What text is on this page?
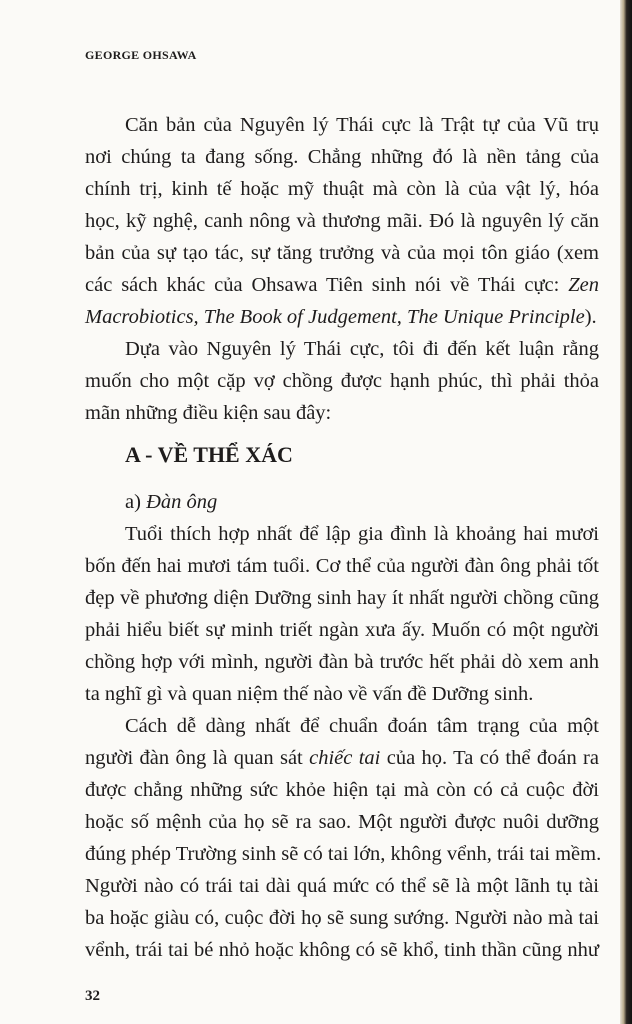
GEORGE OHSAWA
Căn bản của Nguyên lý Thái cực là Trật tự của Vũ trụ
nơi chúng ta đang sống. Chẳng những đó là nền tảng của
chính trị, kinh tế hoặc mỹ thuật mà còn là của vật lý, hóa
học, kỹ nghệ, canh nông và thương mãi. Đó là nguyên lý căn
bản của sự tạo tác, sự tăng trưởng và của mọi tôn giáo (xem
các sách khác của Ohsawa Tiên sinh nói về Thái cực: Zen
Macrobiotics, The Book of Judgement, The Unique Principle).
Dựa vào Nguyên lý Thái cực, tôi đi đến kết luận rằng
muốn cho một cặp vợ chồng được hạnh phúc, thì phải thỏa
mãn những điều kiện sau đây:
A - VỀ THỂ XÁC
a) Đàn ông
Tuổi thích hợp nhất để lập gia đình là khoảng hai mươi
bốn đến hai mươi tám tuổi. Cơ thể của người đàn ông phải tốt
đẹp về phương diện Dưỡng sinh hay ít nhất người chồng cũng
phải hiểu biết sự minh triết ngàn xưa ấy. Muốn có một người
chồng hợp với mình, người đàn bà trước hết phải dò xem anh
ta nghĩ gì và quan niệm thế nào về vấn đề Dưỡng sinh.
Cách dễ dàng nhất để chuẩn đoán tâm trạng của một
người đàn ông là quan sát chiếc tai của họ. Ta có thể đoán ra
được chẳng những sức khỏe hiện tại mà còn có cả cuộc đời
hoặc số mệnh của họ sẽ ra sao. Một người được nuôi dưỡng
đúng phép Trường sinh sẽ có tai lớn, không vểnh, trái tai mềm.
Người nào có trái tai dài quá mức có thể sẽ là một lãnh tụ tài
ba hoặc giàu có, cuộc đời họ sẽ sung sướng. Người nào mà tai
vểnh, trái tai bé nhỏ hoặc không có sẽ khổ, tinh thần cũng như
32
